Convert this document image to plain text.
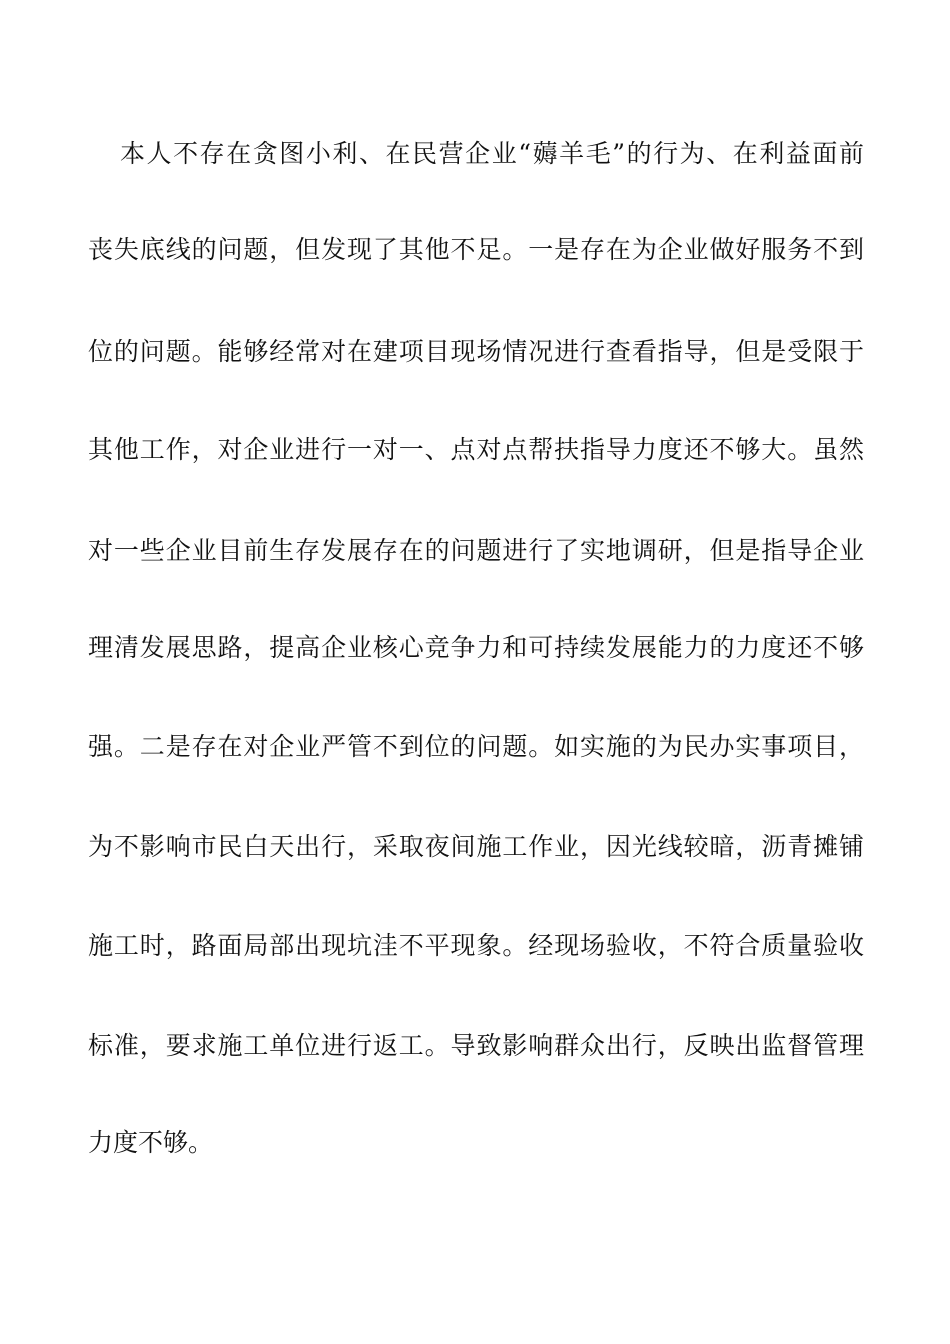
本人不存在贪图小利、在民营企业“薅羊毛”的行为、在利益面前
丧失底线的问题，但发现了其他不足。一是存在为企业做好服务不到
位的问题。能够经常对在建项目现场情况进行查看指导，但是受限于
其他工作，对企业进行一对一、点对点帮扶指导力度还不够大。虽然
对一些企业目前生存发展存在的问题进行了实地调研，但是指导企业
理清发展思路，提高企业核心竞争力和可持续发展能力的力度还不够
强。二是存在对企业严管不到位的问题。如实施的为民办实事项目，
为不影响市民白天出行，采取夜间施工作业，因光线较暗，沥青摊铺
施工时，路面局部出现坑洼不平现象。经现场验收，不符合质量验收
标准，要求施工单位进行返工。导致影响群众出行，反映出监督管理
力度不够。
